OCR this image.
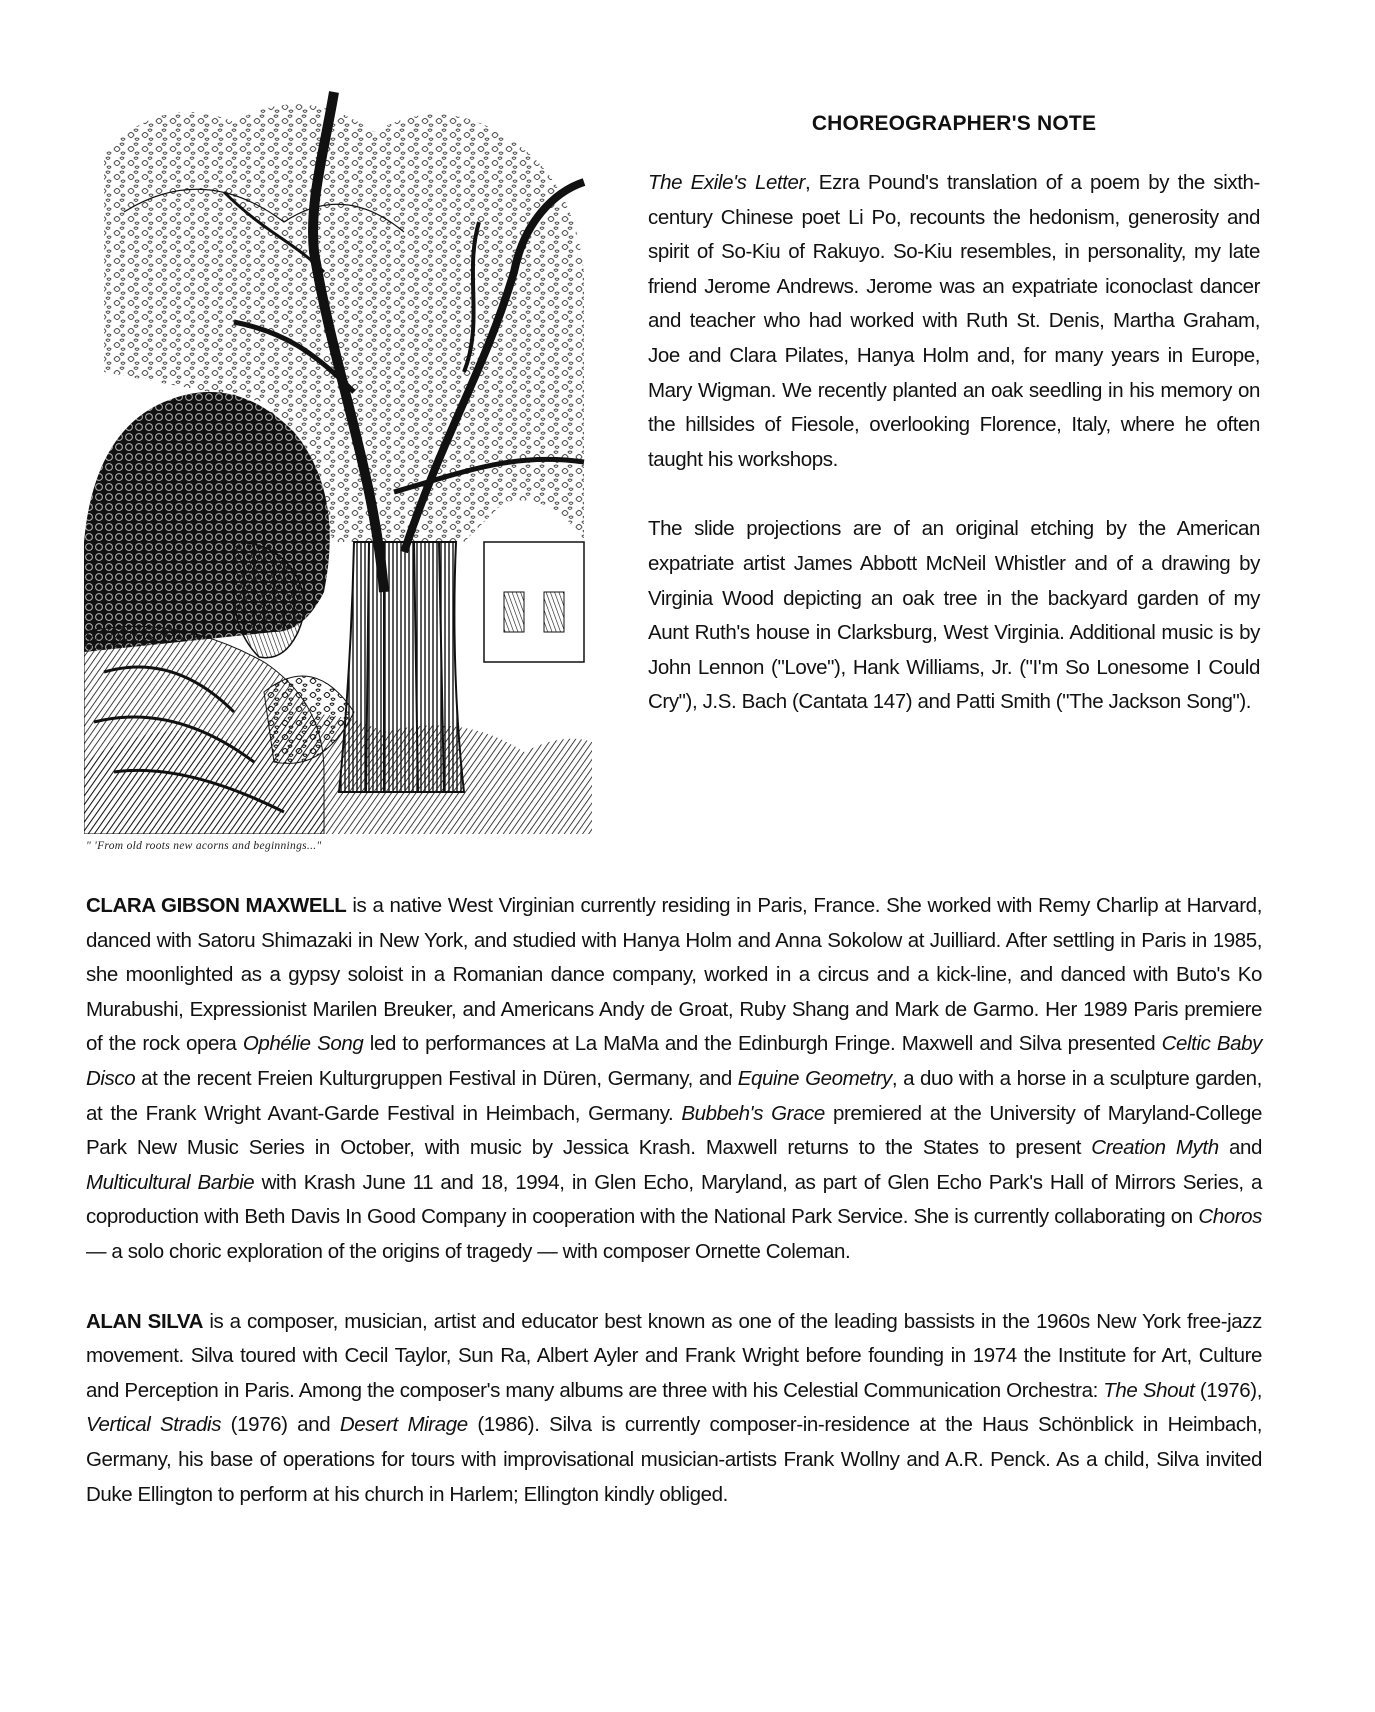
" 'From old roots new acorns and beginnings..."
CHOREOGRAPHER'S NOTE

The Exile's Letter, Ezra Pound's translation of a poem by the sixth-century Chinese poet Li Po, recounts the hedonism, generosity and spirit of So-Kiu of Rakuyo. So-Kiu resembles, in personality, my late friend Jerome Andrews. Jerome was an expatriate iconoclast dancer and teacher who had worked with Ruth St. Denis, Martha Graham, Joe and Clara Pilates, Hanya Holm and, for many years in Europe, Mary Wigman. We recently planted an oak seedling in his memory on the hillsides of Fiesole, overlooking Florence, Italy, where he often taught his workshops.

The slide projections are of an original etching by the American expatriate artist James Abbott McNeil Whistler and of a drawing by Virginia Wood depicting an oak tree in the backyard garden of my Aunt Ruth's house in Clarksburg, West Virginia. Additional music is by John Lennon ("Love"), Hank Williams, Jr. ("I'm So Lonesome I Could Cry"), J.S. Bach (Cantata 147) and Patti Smith ("The Jackson Song").

CLARA GIBSON MAXWELL is a native West Virginian currently residing in Paris, France. She worked with Remy Charlip at Harvard, danced with Satoru Shimazaki in New York, and studied with Hanya Holm and Anna Sokolow at Juilliard. After settling in Paris in 1985, she moonlighted as a gypsy soloist in a Romanian dance company, worked in a circus and a kick-line, and danced with Buto's Ko Murabushi, Expressionist Marilen Breuker, and Americans Andy de Groat, Ruby Shang and Mark de Garmo. Her 1989 Paris premiere of the rock opera Ophélie Song led to performances at La MaMa and the Edinburgh Fringe. Maxwell and Silva presented Celtic Baby Disco at the recent Freien Kulturgruppen Festival in Düren, Germany, and Equine Geometry, a duo with a horse in a sculpture garden, at the Frank Wright Avant-Garde Festival in Heimbach, Germany. Bubbeh's Grace premiered at the University of Maryland-College Park New Music Series in October, with music by Jessica Krash. Maxwell returns to the States to present Creation Myth and Multicultural Barbie with Krash June 11 and 18, 1994, in Glen Echo, Maryland, as part of Glen Echo Park's Hall of Mirrors Series, a coproduction with Beth Davis In Good Company in cooperation with the National Park Service. She is currently collaborating on Choros — a solo choric exploration of the origins of tragedy — with composer Ornette Coleman.

ALAN SILVA is a composer, musician, artist and educator best known as one of the leading bassists in the 1960s New York free-jazz movement. Silva toured with Cecil Taylor, Sun Ra, Albert Ayler and Frank Wright before founding in 1974 the Institute for Art, Culture and Perception in Paris. Among the composer's many albums are three with his Celestial Communication Orchestra: The Shout (1976), Vertical Stradis (1976) and Desert Mirage (1986). Silva is currently composer-in-residence at the Haus Schönblick in Heimbach, Germany, his base of operations for tours with improvisational musician-artists Frank Wollny and A.R. Penck. As a child, Silva invited Duke Ellington to perform at his church in Harlem; Ellington kindly obliged.
